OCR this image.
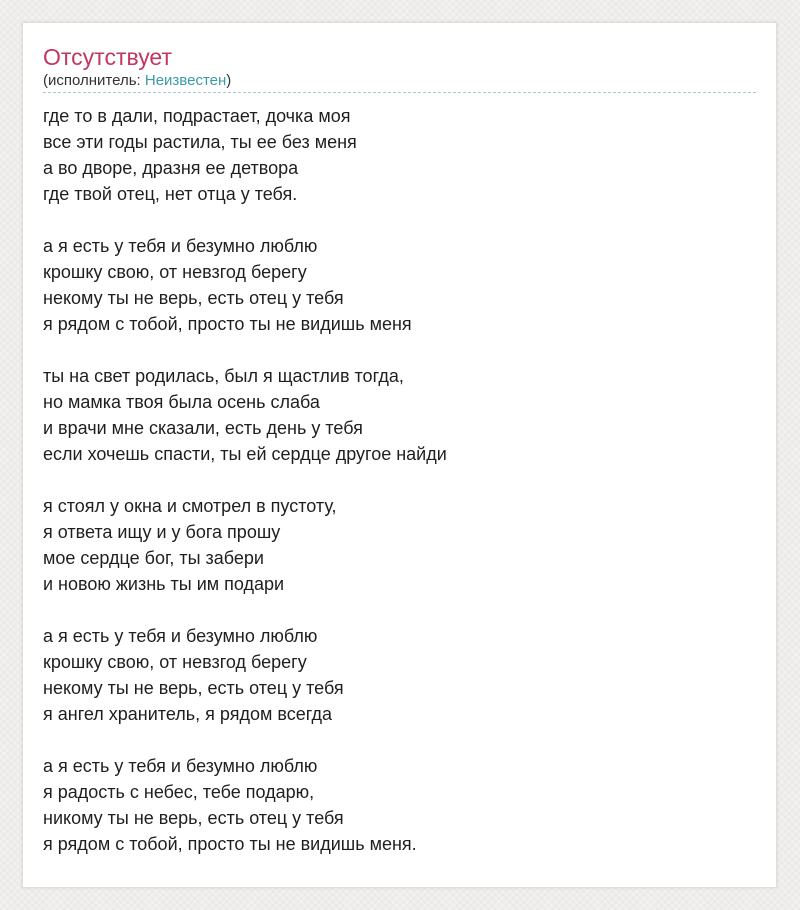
Отсутствует
(исполнитель: Неизвестен)
где то в дали, подрастает, дочка моя
все эти годы растила, ты ее без меня
а во дворе, дразня ее детвора
где твой отец, нет отца у тебя.
а я есть у тебя и безумно люблю
крошку свою, от невзгод берегу
некому ты не верь, есть отец у тебя
я рядом с тобой, просто ты не видишь меня
ты на свет родилась, был я щастлив тогда,
но мамка твоя была осень слаба
и врачи мне сказали, есть день у тебя
если хочешь спасти, ты ей сердце другое найди
я стоял у окна и смотрел в пустоту,
я ответа ищу и у бога прошу
мое сердце бог, ты забери
и новою жизнь ты им подари
а я есть у тебя и безумно люблю
крошку свою, от невзгод берегу
некому ты не верь, есть отец у тебя
я ангел хранитель, я рядом всегда
а я есть у тебя и безумно люблю
я радость с небес, тебе подарю,
никому ты не верь, есть отец у тебя
я рядом с тобой, просто ты не видишь меня.
